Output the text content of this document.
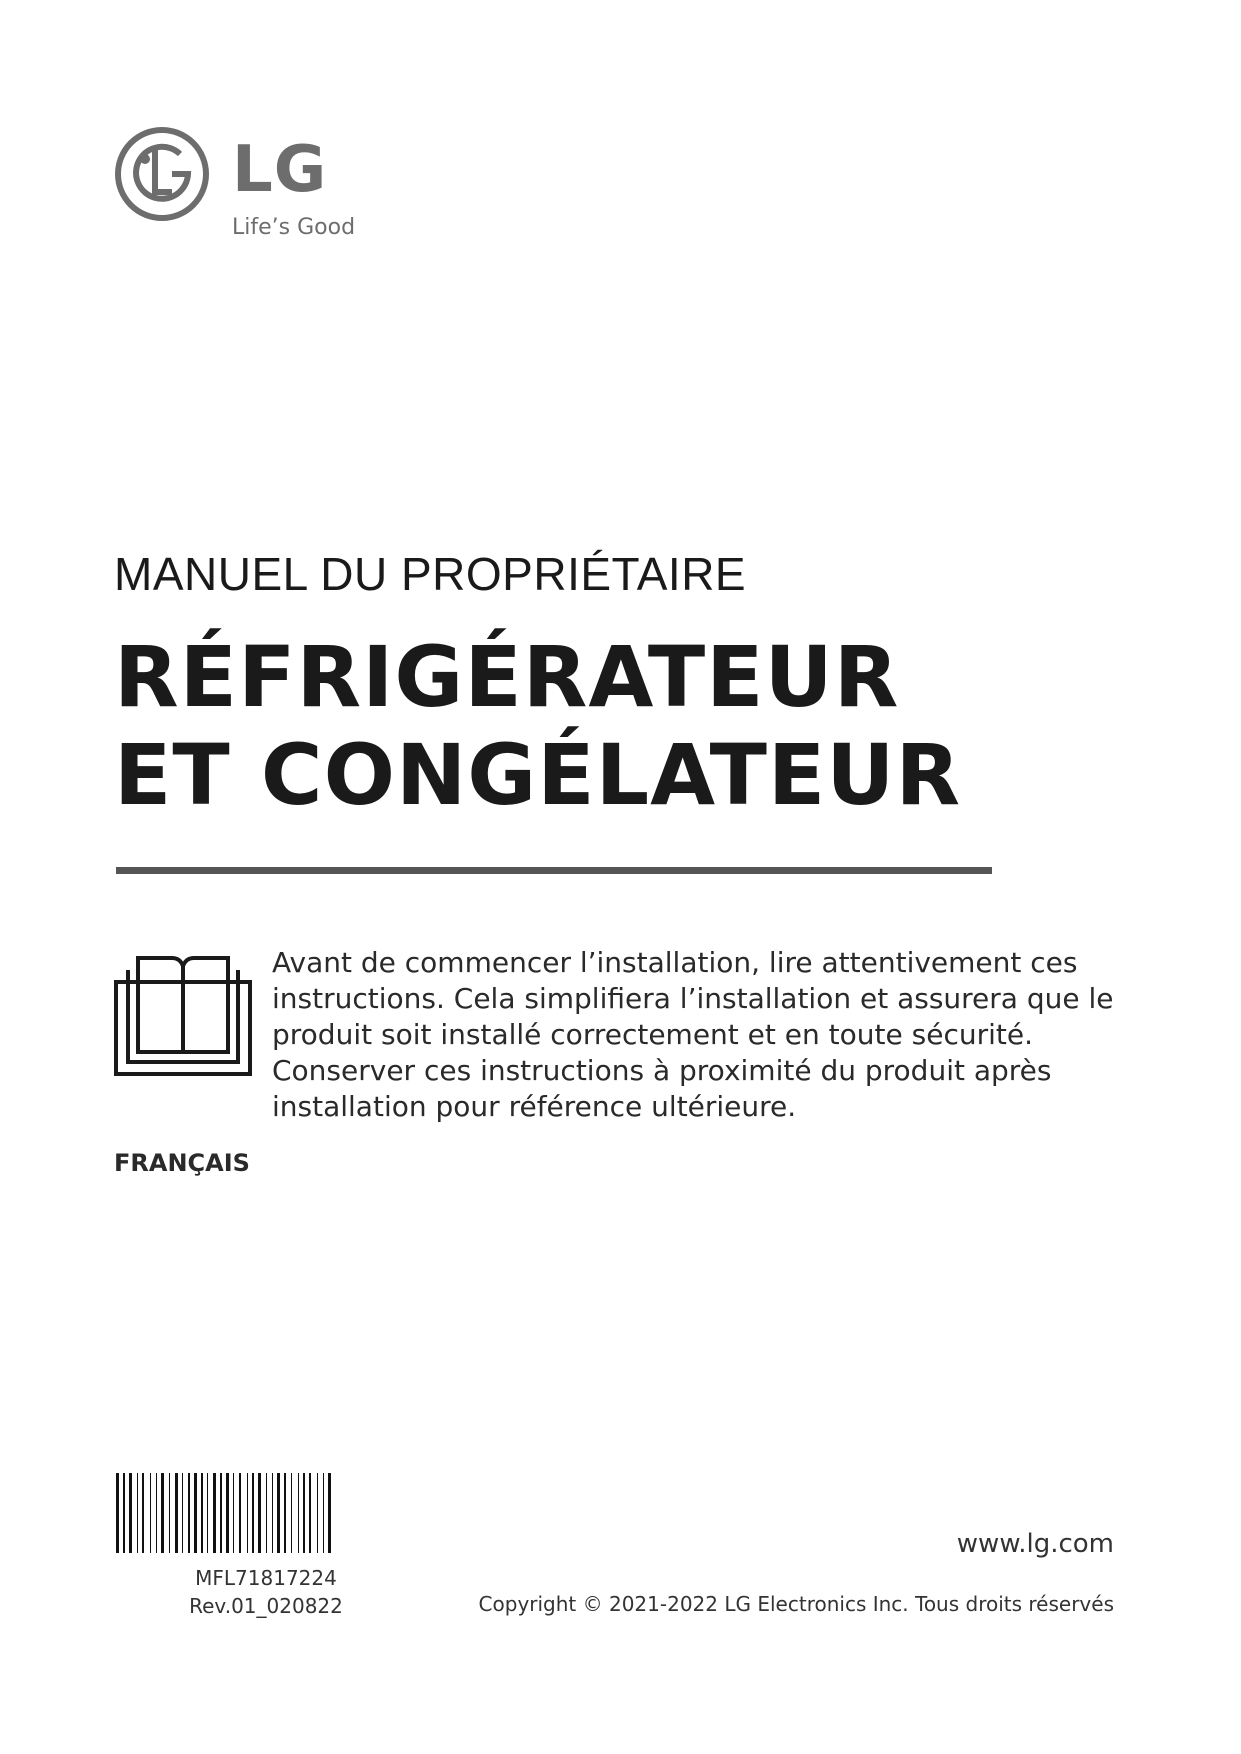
LG
Life’s Good
MANUEL DU PROPRIÉTAIRE
RÉFRIGÉRATEUR
ET CONGÉLATEUR
Avant de commencer l’installation, lire attentivement ces
instructions. Cela simplifiera l’installation et assurera que le
produit soit installé correctement et en toute sécurité.
Conserver ces instructions à proximité du produit après
installation pour référence ultérieure.
FRANÇAIS
MFL71817224
Rev.01_020822
www.lg.com
Copyright © 2021-2022 LG Electronics Inc. Tous droits réservés
